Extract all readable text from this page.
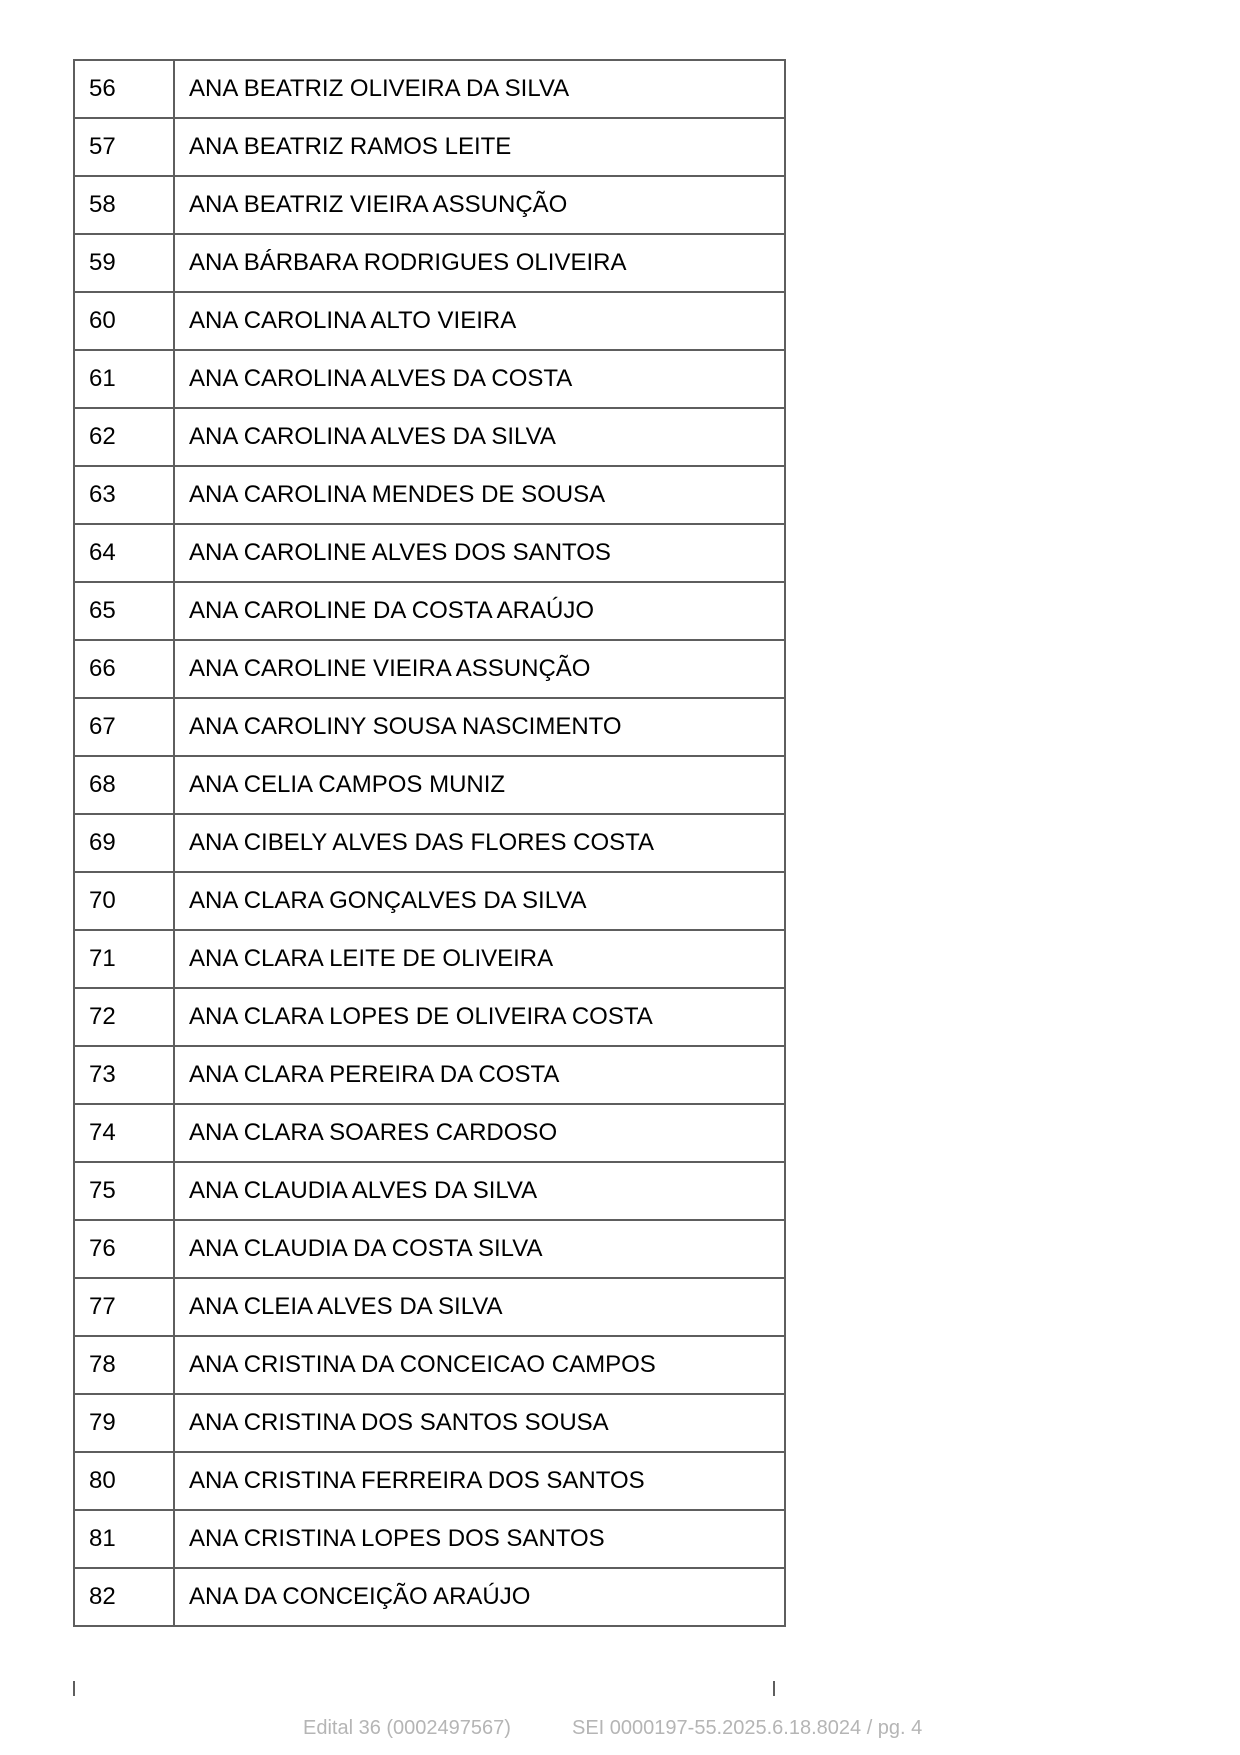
56	ANA BEATRIZ OLIVEIRA DA SILVA
57	ANA BEATRIZ RAMOS LEITE
58	ANA BEATRIZ VIEIRA ASSUNÇÃO
59	ANA BÁRBARA RODRIGUES OLIVEIRA
60	ANA CAROLINA ALTO VIEIRA
61	ANA CAROLINA ALVES DA COSTA
62	ANA CAROLINA ALVES DA SILVA
63	ANA CAROLINA MENDES DE SOUSA
64	ANA CAROLINE ALVES DOS SANTOS
65	ANA CAROLINE DA COSTA ARAÚJO
66	ANA CAROLINE VIEIRA ASSUNÇÃO
67	ANA CAROLINY SOUSA NASCIMENTO
68	ANA CELIA CAMPOS MUNIZ
69	ANA CIBELY ALVES DAS FLORES COSTA
70	ANA CLARA GONÇALVES DA SILVA
71	ANA CLARA LEITE DE OLIVEIRA
72	ANA CLARA LOPES DE OLIVEIRA COSTA
73	ANA CLARA PEREIRA DA COSTA
74	ANA CLARA SOARES CARDOSO
75	ANA CLAUDIA ALVES DA SILVA
76	ANA CLAUDIA DA COSTA SILVA
77	ANA CLEIA ALVES DA SILVA
78	ANA CRISTINA DA CONCEICAO CAMPOS
79	ANA CRISTINA DOS SANTOS SOUSA
80	ANA CRISTINA FERREIRA DOS SANTOS
81	ANA CRISTINA LOPES DOS SANTOS
82	ANA DA CONCEIÇÃO ARAÚJO
Edital 36 (0002497567)	SEI 0000197-55.2025.6.18.8024 / pg. 4
